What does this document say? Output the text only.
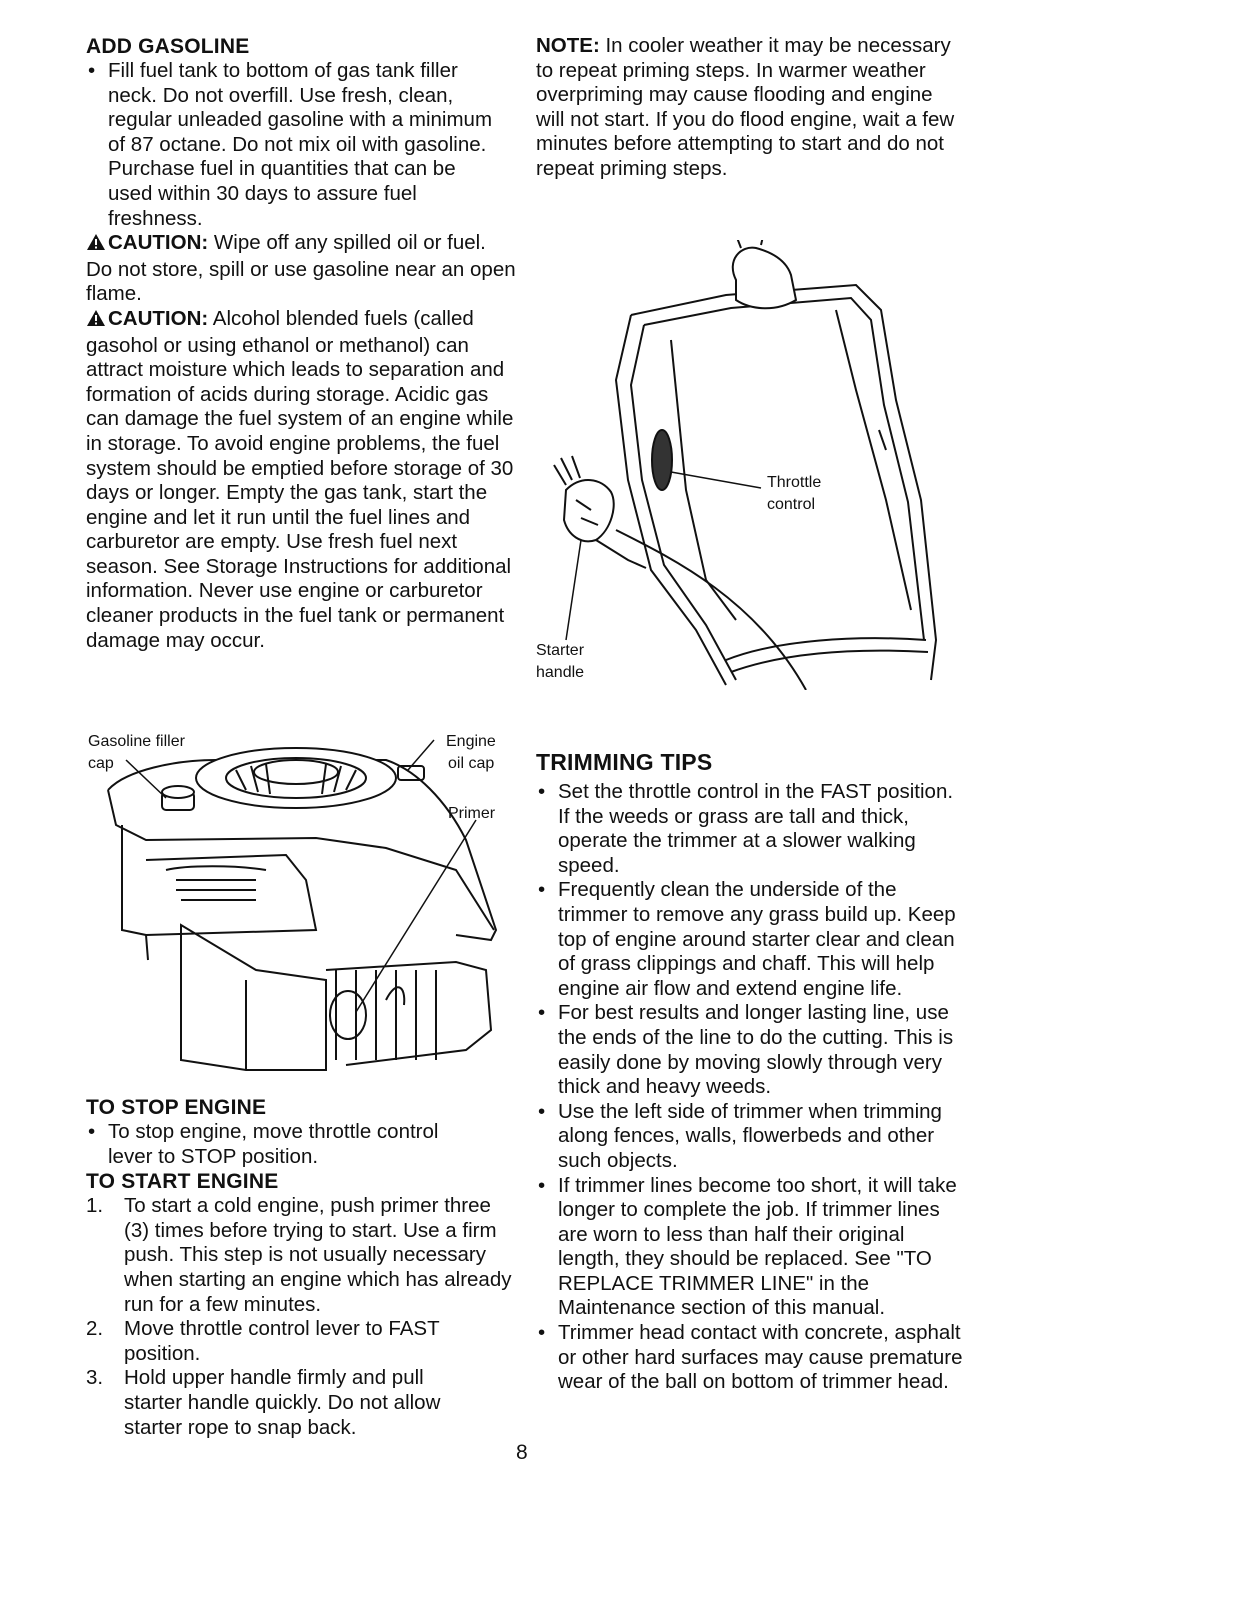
ADD GASOLINE
• Fill fuel tank to bottom of gas tank filler neck. Do not overfill. Use fresh, clean, regular unleaded gasoline with a minimum of 87 octane. Do not mix oil with gasoline. Purchase fuel in quantities that can be used within 30 days to assure fuel freshness.

CAUTION: Wipe off any spilled oil or fuel. Do not store, spill or use gasoline near an open flame.

CAUTION: Alcohol blended fuels (called gasohol or using ethanol or methanol) can attract moisture which leads to separation and formation of acids during storage. Acidic gas can damage the fuel system of an engine while in storage. To avoid engine problems, the fuel system should be emptied before storage of 30 days or longer. Empty the gas tank, start the engine and let it run until the fuel lines and carburetor are empty. Use fresh fuel next season. See Storage Instructions for additional information. Never use engine or carburetor cleaner products in the fuel tank or permanent damage may occur.

Gasoline filler
cap
Engine
oil cap
Primer
TO STOP ENGINE
• To stop engine, move throttle control lever to STOP position.
TO START ENGINE
1. To start a cold engine, push primer three (3) times before trying to start. Use a firm push. This step is not usually necessary when starting an engine which has already run for a few minutes.
2. Move throttle control lever to FAST position.
3. Hold upper handle firmly and pull starter handle quickly. Do not allow starter rope to snap back.

NOTE: In cooler weather it may be necessary to repeat priming steps. In warmer weather overpriming may cause flooding and engine will not start. If you do flood engine, wait a few minutes before attempting to start and do not repeat priming steps.

Throttle
control
Starter
handle
TRIMMING TIPS
• Set the throttle control in the FAST position. If the weeds or grass are tall and thick, operate the trimmer at a slower walking speed.
• Frequently clean the underside of the trimmer to remove any grass build up. Keep top of engine around starter clear and clean of grass clippings and chaff. This will help engine air flow and extend engine life.
• For best results and longer lasting line, use the ends of the line to do the cutting. This is easily done by moving slowly through very thick and heavy weeds.
• Use the left side of trimmer when trimming along fences, walls, flowerbeds and other such objects.
• If trimmer lines become too short, it will take longer to complete the job. If trimmer lines are worn to less than half their original length, they should be replaced. See "TO REPLACE TRIMMER LINE" in the Maintenance section of this manual.
• Trimmer head contact with concrete, asphalt or other hard surfaces may cause premature wear of the ball on bottom of trimmer head.
8
